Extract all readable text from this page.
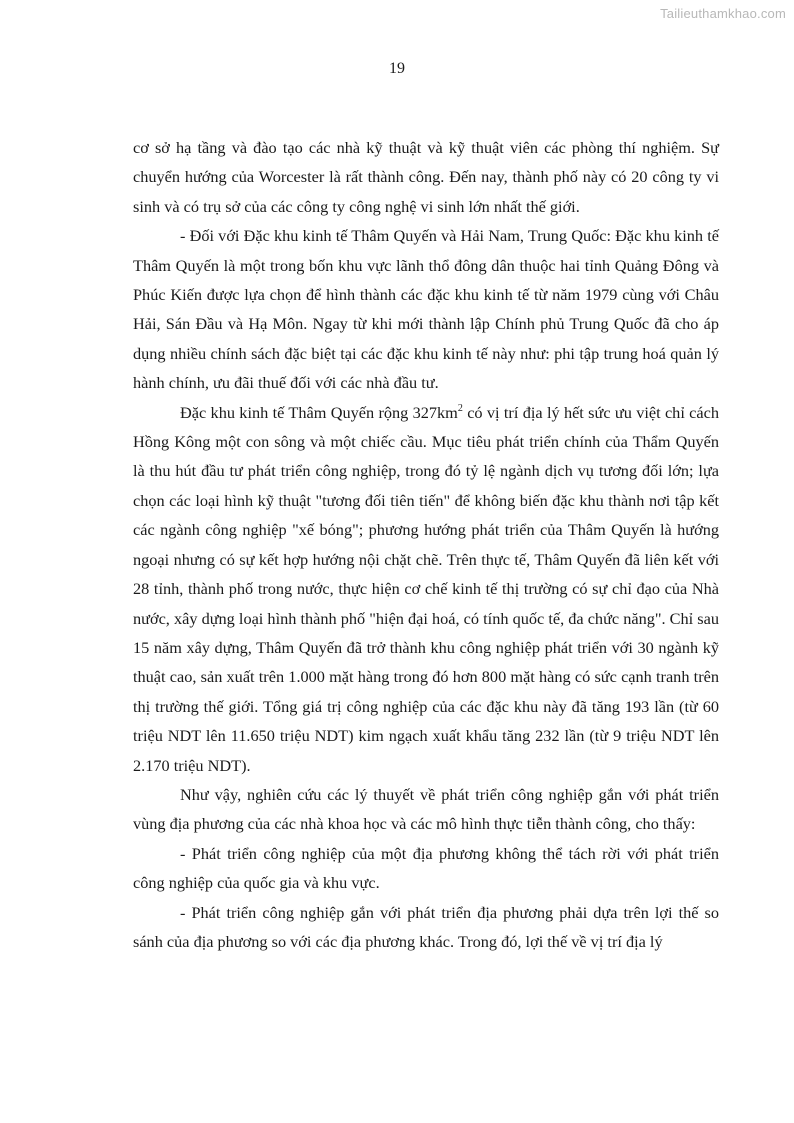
Tailieuthamkhao.com
19

cơ sở hạ tầng và đào tạo các nhà kỹ thuật và kỹ thuật viên các phòng thí nghiệm. Sự chuyển hướng của Worcester là rất thành công. Đến nay, thành phố này có 20 công ty vi sinh và có trụ sở của các công ty công nghệ vi sinh lớn nhất thế giới.

- Đối với Đặc khu kinh tế Thâm Quyến và Hải Nam, Trung Quốc: Đặc khu kinh tế Thâm Quyến là một trong bốn khu vực lãnh thổ đông dân thuộc hai tỉnh Quảng Đông và Phúc Kiến được lựa chọn để hình thành các đặc khu kinh tế từ năm 1979 cùng với Châu Hải, Sán Đầu và Hạ Môn. Ngay từ khi mới thành lập Chính phủ Trung Quốc đã cho áp dụng nhiều chính sách đặc biệt tại các đặc khu kinh tế này như: phi tập trung hoá quản lý hành chính, ưu đãi thuế đối với các nhà đầu tư.

Đặc khu kinh tế Thâm Quyến rộng $327km^2$ có vị trí địa lý hết sức ưu việt chỉ cách Hồng Kông một con sông và một chiếc cầu. Mục tiêu phát triển chính của Thẩm Quyến là thu hút đầu tư phát triển công nghiệp, trong đó tỷ lệ ngành dịch vụ tương đối lớn; lựa chọn các loại hình kỹ thuật "tương đối tiên tiến" để không biến đặc khu thành nơi tập kết các ngành công nghiệp "xế bóng"; phương hướng phát triển của Thâm Quyến là hướng ngoại nhưng có sự kết hợp hướng nội chặt chẽ. Trên thực tế, Thâm Quyến đã liên kết với 28 tỉnh, thành phố trong nước, thực hiện cơ chế kinh tế thị trường có sự chỉ đạo của Nhà nước, xây dựng loại hình thành phố "hiện đại hoá, có tính quốc tế, đa chức năng". Chỉ sau 15 năm xây dựng, Thâm Quyến đã trở thành khu công nghiệp phát triển với 30 ngành kỹ thuật cao, sản xuất trên 1.000 mặt hàng trong đó hơn 800 mặt hàng có sức cạnh tranh trên thị trường thế giới. Tổng giá trị công nghiệp của các đặc khu này đã tăng 193 lần (từ 60 triệu NDT lên 11.650 triệu NDT) kim ngạch xuất khẩu tăng 232 lần (từ 9 triệu NDT lên 2.170 triệu NDT).

Như vậy, nghiên cứu các lý thuyết về phát triển công nghiệp gắn với phát triển vùng địa phương của các nhà khoa học và các mô hình thực tiễn thành công, cho thấy:

- Phát triển công nghiệp của một địa phương không thể tách rời với phát triển công nghiệp của quốc gia và khu vực.

- Phát triển công nghiệp gắn với phát triển địa phương phải dựa trên lợi thế so sánh của địa phương so với các địa phương khác. Trong đó, lợi thế về vị trí địa lý
